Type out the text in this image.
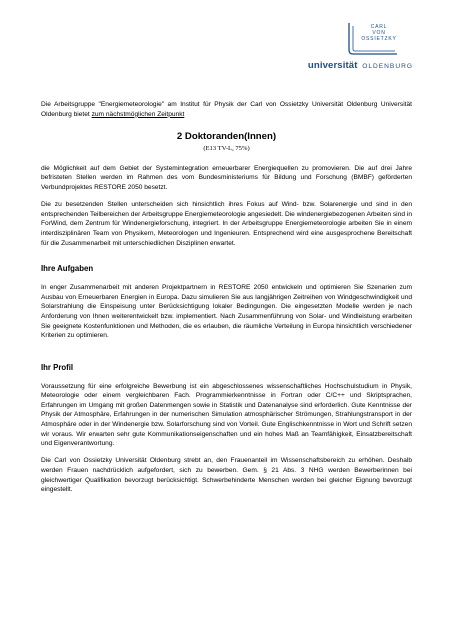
CARL
VON
OSSIETZKY
universität OLDENBURG

Die Arbeitsgruppe "Energiemeteorologie" am Institut für Physik der Carl von Ossietzky Universität Oldenburg Universität Oldenburg bietet zum nächstmöglichen Zeitpunkt

2 Doktoranden(Innen)
(E13 TV-L, 75%)

die Möglichkeit auf dem Gebiet der Systemintegration erneuerbarer Energiequellen zu promovieren. Die auf drei Jahre befristeten Stellen werden im Rahmen des vom Bundesministeriums für Bildung und Forschung (BMBF) geförderten Verbundprojektes RESTORE 2050 besetzt.

Die zu besetzenden Stellen unterscheiden sich hinsichtlich ihres Fokus auf Wind- bzw. Solarenergie und sind in den entsprechenden Teilbereichen der Arbeitsgruppe Energiemeteorologie angesiedelt. Die windenergiebezogenen Arbeiten sind in ForWind, dem Zentrum für Windenergieforschung, integriert. In der Arbeitsgruppe Energiemeteorologie arbeiten Sie in einem interdisziplinären Team von Physikern, Meteorologen und Ingenieuren. Entsprechend wird eine ausgesprochene Bereitschaft für die Zusammenarbeit mit unterschiedlichen Disziplinen erwartet.

Ihre Aufgaben

In enger Zusammenarbeit mit anderen Projektpartnern in RESTORE 2050 entwickeln und optimieren Sie Szenarien zum Ausbau von Erneuerbaren Energien in Europa. Dazu simulieren Sie aus langjährigen Zeitreihen von Windgeschwindigkeit und Solarstrahlung die Einspeisung unter Berücksichtigung lokaler Bedingungen. Die eingesetzten Modelle werden je nach Anforderung von Ihnen weiterentwickelt bzw. implementiert. Nach Zusammenführung von Solar- und Windleistung erarbeiten Sie geeignete Kostenfunktionen und Methoden, die es erlauben, die räumliche Verteilung in Europa hinsichtlich verschiedener Kriterien zu optimieren.

Ihr Profil

Voraussetzung für eine erfolgreiche Bewerbung ist ein abgeschlossenes wissenschaftliches Hochschulstudium in Physik, Meteorologie oder einem vergleichbaren Fach. Programmierkenntnisse in Fortran oder C/C++ und Skriptsprachen, Erfahrungen im Umgang mit großen Datenmengen sowie in Statistik und Datenanalyse sind erforderlich. Gute Kenntnisse der Physik der Atmosphäre, Erfahrungen in der numerischen Simulation atmosphärischer Strömungen, Strahlungstransport in der Atmosphäre oder in der Windenergie bzw. Solarforschung sind von Vorteil. Gute Englischkenntnisse in Wort und Schrift setzen wir voraus. Wir erwarten sehr gute Kommunikationseigenschaften und ein hohes Maß an Teamfähigkeit, Einsatzbereitschaft und Eigenverantwortung.

Die Carl von Ossietzky Universität Oldenburg strebt an, den Frauenanteil im Wissenschaftsbereich zu erhöhen. Deshalb werden Frauen nachdrücklich aufgefordert, sich zu bewerben. Gem. § 21 Abs. 3 NHG werden Bewerberinnen bei gleichwertiger Qualifikation bevorzugt berücksichtigt. Schwerbehinderte Menschen werden bei gleicher Eignung bevorzugt eingestellt.
